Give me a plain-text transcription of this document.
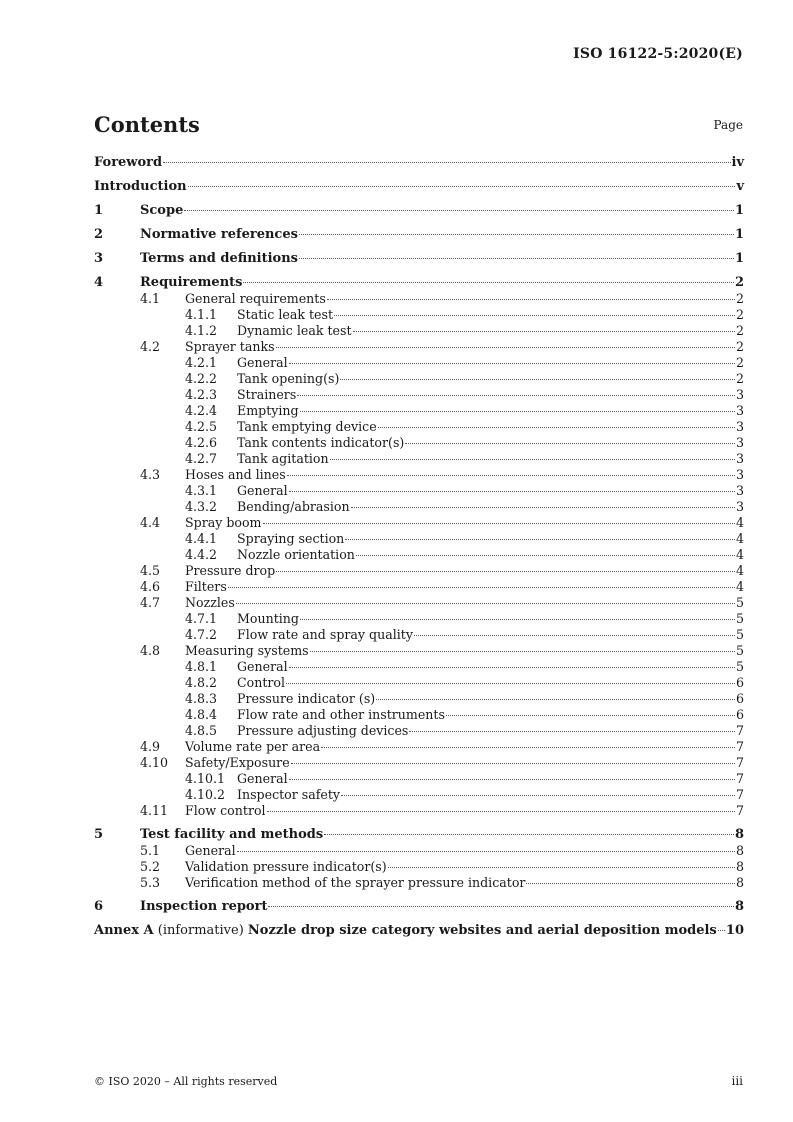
ISO 16122-5:2020(E)
Contents	Page
Foreword	iv
Introduction	v
1	Scope	1
2	Normative references	1
3	Terms and definitions	1
4	Requirements	2
4.1	General requirements	2
4.1.1	Static leak test	2
4.1.2	Dynamic leak test	2
4.2	Sprayer tanks	2
4.2.1	General	2
4.2.2	Tank opening(s)	2
4.2.3	Strainers	3
4.2.4	Emptying	3
4.2.5	Tank emptying device	3
4.2.6	Tank contents indicator(s)	3
4.2.7	Tank agitation	3
4.3	Hoses and lines	3
4.3.1	General	3
4.3.2	Bending/abrasion	3
4.4	Spray boom	4
4.4.1	Spraying section	4
4.4.2	Nozzle orientation	4
4.5	Pressure drop	4
4.6	Filters	4
4.7	Nozzles	5
4.7.1	Mounting	5
4.7.2	Flow rate and spray quality	5
4.8	Measuring systems	5
4.8.1	General	5
4.8.2	Control	6
4.8.3	Pressure indicator (s)	6
4.8.4	Flow rate and other instruments	6
4.8.5	Pressure adjusting devices	7
4.9	Volume rate per area	7
4.10	Safety/Exposure	7
4.10.1 General	7
4.10.2 Inspector safety	7
4.11	Flow control	7
5	Test facility and methods	8
5.1	General	8
5.2	Validation pressure indicator(s)	8
5.3	Verification method of the sprayer pressure indicator	8
6	Inspection report	8
Annex A (informative) Nozzle drop size category websites and aerial deposition models 10
© ISO 2020 – All rights reserved	iii
